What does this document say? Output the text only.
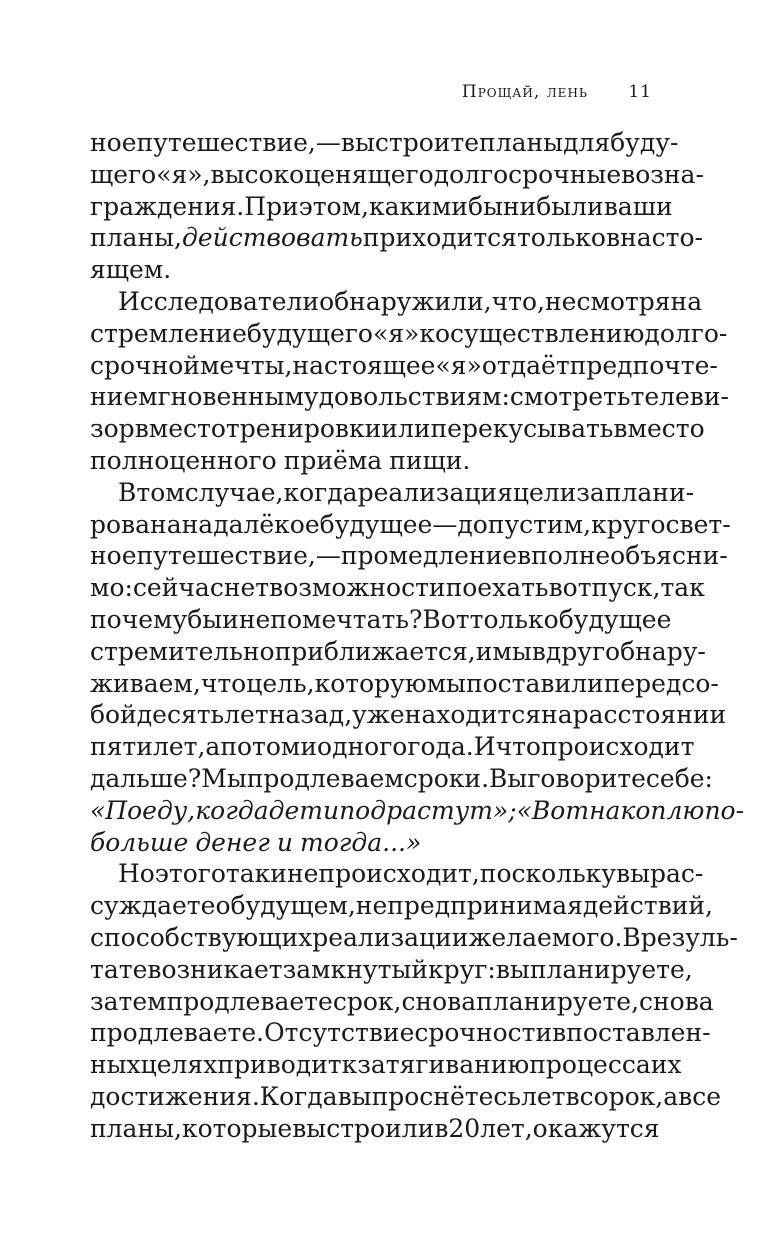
Прощай, лень 11
ное путешествие, — вы строите планы для буду-
щего «я», высоко ценящего долгосрочные возна-
граждения. При этом, какими бы ни были ваши
планы, действовать приходится только в насто-
ящем.
Исследователи обнаружили, что, несмотря на
стремление будущего «я» к осуществлению долго-
срочной мечты, настоящее «я» отдаёт предпочте-
ние мгновенным удовольствиям: смотреть телеви-
зор вместо тренировки или перекусывать вместо
полноценного приёма пищи.
В том случае, когда реализация цели заплани-
рована на далёкое будущее — допустим, кругосвет-
ное путешествие, — промедление вполне объясни-
мо: сейчас нет возможности поехать в отпуск, так
почему бы и не помечтать? Вот только будущее
стремительно приближается, и мы вдруг обнару-
живаем, что цель, которую мы поставили перед со-
бой десять лет назад, уже находится на расстоянии
пяти лет, а потом и одного года. И что происходит
дальше? Мы продлеваем сроки. Вы говорите себе:
«Поеду, когда дети подрастут»; «Вот накоплю по-
больше денег и тогда...»
Но этого так и не происходит, поскольку вы рас-
суждаете о будущем, не предпринимая действий,
способствующих реализации желаемого. В резуль-
тате возникает замкнутый круг: вы планируете,
затем продлеваете срок, снова планируете, снова
продлеваете. Отсутствие срочности в поставлен-
ных целях приводит к затягиванию процесса их
достижения. Когда вы проснётесь лет в сорок, а все
планы, которые вы строили в 20 лет, окажутся
